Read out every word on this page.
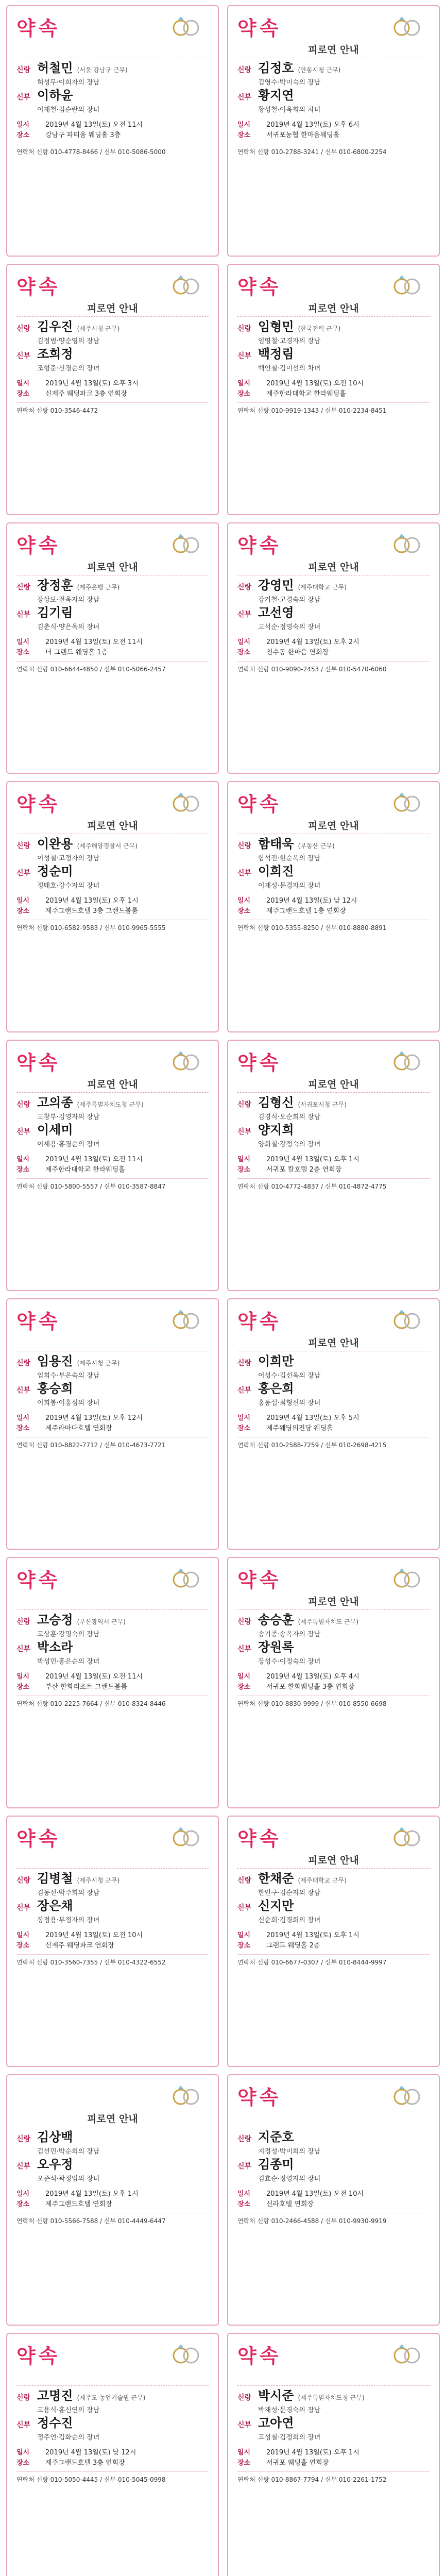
약속
신랑 허철민 (서울 강남구 근무)
허성무·이희자의 장남
신부 이하윤
이재철·김순란의 장녀
일시	2019년 4월 13일(토) 오전 11시
장소	강남구 파티움 웨딩홀 3층
연락처 신랑 010-4778-8466 / 신부 010-5086-5000
약속
피로연 안내
신랑 김정호 (안동시청 근무)
김영수·박미숙의 장남
신부 황지연
황성철·이옥희의 차녀
일시	2019년 4월 13일(토) 오후 6시
장소	서귀포농협 한마음웨딩홀
연락처 신랑 010-2788-3241 / 신부 010-6800-2254
약속
피로연 안내
신랑 김우진 (제주시청 근무)
김정범·양순영의 장남
신부 조희정
조형준·신경순의 장녀
일시	2019년 4월 13일(토) 오후 3시
장소	신제주 웨딩파크 3층 연회장
연락처 신랑 010-3546-4472
약속
피로연 안내
신랑 임형민 (한국전력 근무)
임영철·고경자의 장남
신부 백정림
백인철·김미선의 차녀
일시	2019년 4월 13일(토) 오전 10시
장소	제주한라대학교 한라웨딩홀
연락처 신랑 010-9919-1343 / 신부 010-2234-8451
약속
피로연 안내
신랑 장정훈 (제주은행 근무)
장상보·전옥자의 장남
신부 김기림
김춘식·양은옥의 장녀
일시	2019년 4월 13일(토) 오전 11시
장소	더 그랜드 웨딩홀 1층
연락처 신랑 010-6644-4850 / 신부 010-5066-2457
약속
피로연 안내
신랑 강영민 (제주대학교 근무)
강기철·고경숙의 장남
신부 고선영
고석순·정영숙의 장녀
일시	2019년 4월 13일(토) 오후 2시
장소	천수동 한마음 연회장
연락처 신랑 010-9090-2453 / 신부 010-5470-6060
약속
피로연 안내
신랑 이완용 (제주해양경찰서 근무)
이성철·고정자의 장남
신부 정순미
정태호·강수자의 장녀
일시	2019년 4월 13일(토) 오후 1시
장소	제주그랜드호텔 3층 그랜드볼룸
연락처 신랑 010-6582-9583 / 신부 010-9965-5555
약속
피로연 안내
신랑 함태욱 (부동산 근무)
함석진·현순옥의 장남
신부 이희진
이재성·문경자의 장녀
일시	2019년 4월 13일(토) 낮 12시
장소	제주그랜드호텔 1층 연회장
연락처 신랑 010-5355-8250 / 신부 010-8880-8891
약속
피로연 안내
신랑 고의종 (제주특별자치도청 근무)
고창부·김영자의 장남
신부 이세미
이세용·홍경순의 장녀
일시	2019년 4월 13일(토) 오전 11시
장소	제주한라대학교 한라웨딩홀
연락처 신랑 010-5800-5557 / 신부 010-3587-8847
약속
피로연 안내
신랑 김형신 (서귀포시청 근무)
김경식·오순희의 장남
신부 양지희
양희철·강정숙의 장녀
일시	2019년 4월 13일(토) 오후 1시
장소	서귀포 칼호텔 2층 연회장
연락처 신랑 010-4772-4837 / 신부 010-4872-4775
약속
신랑 임용진 (제주시청 근무)
임희수·부은숙의 장남
신부 홍승희
이희봉·이홍심의 장녀
일시	2019년 4월 13일(토) 오후 12시
장소	제주라마다호텔 연회장
연락처 신랑 010-8822-7712 / 신부 010-4673-7721
약속
피로연 안내
신랑 이희만
이성수·김선옥의 장남
신부 홍은희
홍동섭·최형신의 장녀
일시	2019년 4월 13일(토) 오후 5시
장소	제주웨딩의전당 웨딩홀
연락처 신랑 010-2588-7259 / 신부 010-2698-4215
약속
신랑 고승정 (부산광역시 근무)
고상훈·강명숙의 장남
신부 박소라
박성민·홍은순의 장녀
일시	2019년 4월 13일(토) 오전 11시
장소	부산 한화리조트 그랜드볼룸
연락처 신랑 010-2225-7664 / 신부 010-8324-8446
약속
피로연 안내
신랑 송승훈 (제주특별자치도 근무)
송기종·송옥자의 장남
신부 장원록
장성수·이정숙의 장녀
일시	2019년 4월 13일(토) 오후 4시
장소	서귀포 한화웨딩홀 3층 연회장
연락처 신랑 010-8830-9999 / 신부 010-8550-6698
약속
신랑 김병철 (제주시청 근무)
김동선·박주희의 장남
신부 장은채
장정용·부정자의 장녀
일시	2019년 4월 13일(토) 오전 10시
장소	신제주 웨딩파크 연회장
연락처 신랑 010-3560-7355 / 신부 010-4322-6552
약속
피로연 안내
신랑 한채준 (제주대학교 근무)
한인구·김순자의 장남
신부 신지만
신순희·김경희의 장녀
일시	2019년 4월 13일(토) 오후 1시
장소	그랜드 웨딩홀 2층
연락처 신랑 010-6677-0307 / 신부 010-8444-9997
피로연 안내
신랑 김상백
김선민·박순희의 장남
신부 오우정
오준석·곽정임의 장녀
일시	2019년 4월 13일(토) 오후 1시
장소	제주그랜드호텔 연회장
연락처 신랑 010-5566-7588 / 신부 010-4449-6447
약속
신랑 지준호
지정성·박미희의 장남
신부 김종미
김효순·정영자의 장녀
일시	2019년 4월 13일(토) 오전 10시
장소	신라호텔 연회장
연락처 신랑 010-2466-4588 / 신부 010-9930-9919
약속
신랑 고명진 (제주도 농업기술원 근무)
고용식·홍신연의 장남
신부 정수진
정주언·김화순의 장녀
일시	2019년 4월 13일(토) 낮 12시
장소	제주그랜드호텔 3층 연회장
연락처 신랑 010-5050-4445 / 신부 010-5045-0998
약속
신랑 박시준 (제주특별자치도청 근무)
박재성·문경숙의 장남
신부 고아연
고성철·김정희의 장녀
일시	2019년 4월 13일(토) 오후 1시
장소	서귀포 웨딩홀 연회장
연락처 신랑 010-8867-7794 / 신부 010-2261-1752
